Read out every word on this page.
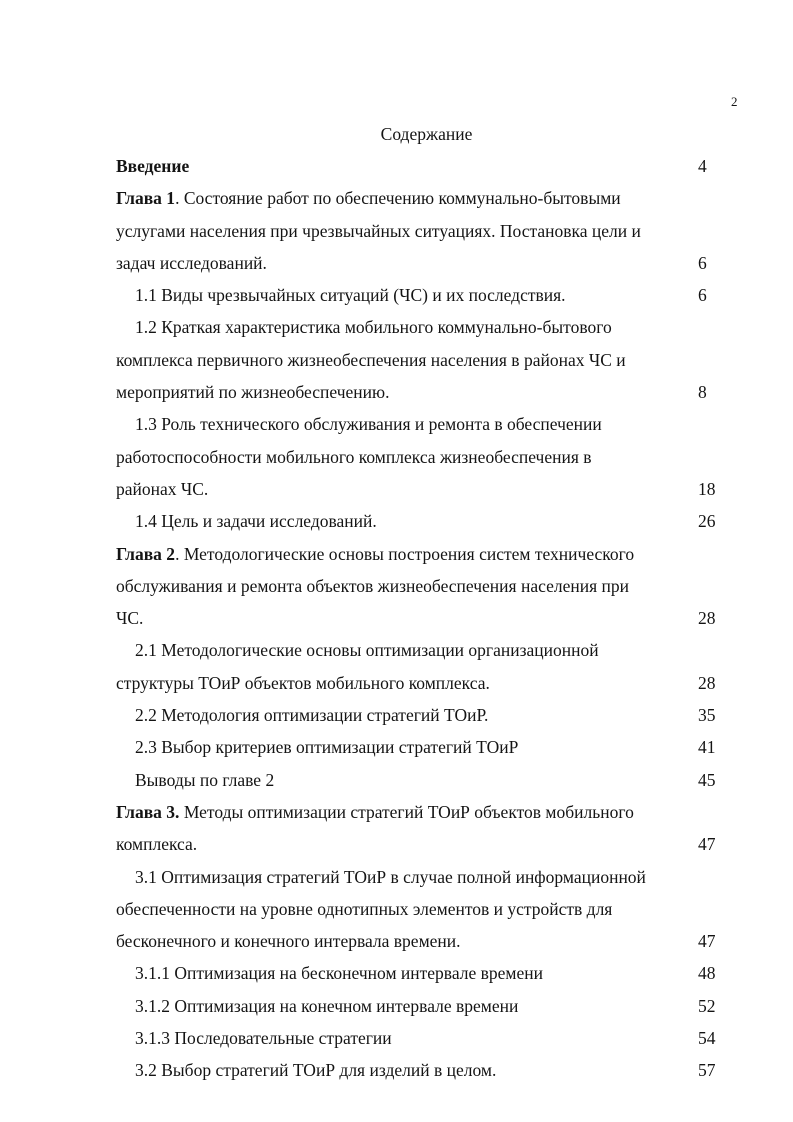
2
Содержание
Введение	4
Глава 1. Состояние работ по обеспечению коммунально-бытовыми
услугами населения при чрезвычайных ситуациях. Постановка цели и
задач исследований.	6
1.1 Виды чрезвычайных ситуаций (ЧС) и их последствия.	6
1.2 Краткая характеристика мобильного коммунально-бытового
комплекса первичного жизнеобеспечения населения в районах ЧС и
мероприятий по жизнеобеспечению.	8
1.3 Роль технического обслуживания и ремонта в обеспечении
работоспособности мобильного комплекса жизнеобеспечения в
районах ЧС.	18
1.4 Цель и задачи исследований.	26
Глава 2. Методологические основы построения систем технического
обслуживания и ремонта объектов жизнеобеспечения населения при
ЧС.	28
2.1 Методологические основы оптимизации организационной
структуры ТОиР объектов мобильного комплекса.	28
2.2 Методология оптимизации стратегий ТОиР.	35
2.3 Выбор критериев оптимизации стратегий ТОиР	41
Выводы по главе 2	45
Глава 3. Методы оптимизации стратегий ТОиР объектов мобильного
комплекса.	47
3.1 Оптимизация стратегий ТОиР в случае полной информационной
обеспеченности на уровне однотипных элементов и устройств для
бесконечного и конечного интервала времени.	47
3.1.1 Оптимизация на бесконечном интервале времени	48
3.1.2 Оптимизация на конечном интервале времени	52
3.1.3 Последовательные стратегии	54
3.2 Выбор стратегий ТОиР для изделий в целом.	57
